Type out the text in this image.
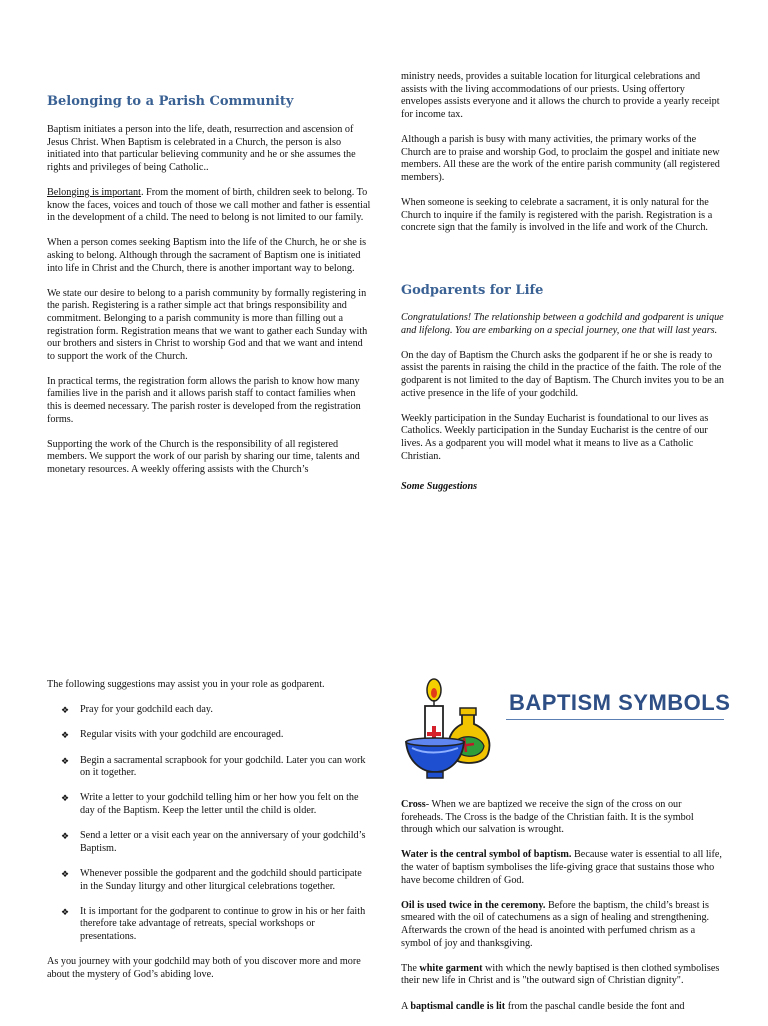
Belonging to a Parish Community

Baptism initiates a person into the life, death, resurrection and ascension of Jesus Christ. When Baptism is celebrated in a Church, the person is also initiated into that particular believing community and he or she assumes the rights and privileges of being Catholic..

Belonging is important. From the moment of birth, children seek to belong. To know the faces, voices and touch of those we call mother and father is essential in the development of a child. The need to belong is not limited to our family.

When a person comes seeking Baptism into the life of the Church, he or she is asking to belong. Although through the sacrament of Baptism one is initiated into life in Christ and the Church, there is another important way to belong.

We state our desire to belong to a parish community by formally registering in the parish. Registering is a rather simple act that brings responsibility and commitment. Belonging to a parish community is more than filling out a registration form. Registration means that we want to gather each Sunday with our brothers and sisters in Christ to worship God and that we want and intend to support the work of the Church.

In practical terms, the registration form allows the parish to know how many families live in the parish and it allows parish staff to contact families when this is deemed necessary. The parish roster is developed from the registration forms.

Supporting the work of the Church is the responsibility of all registered members. We support the work of our parish by sharing our time, talents and monetary resources. A weekly offering assists with the Church’s

ministry needs, provides a suitable location for liturgical celebrations and assists with the living accommodations of our priests. Using offertory envelopes assists everyone and it allows the church to provide a yearly receipt for income tax.

Although a parish is busy with many activities, the primary works of the Church are to praise and worship God, to proclaim the gospel and initiate new members. All these are the work of the entire parish community (all registered members).

When someone is seeking to celebrate a sacrament, it is only natural for the Church to inquire if the family is registered with the parish. Registration is a concrete sign that the family is involved in the life and work of the Church.

Godparents for Life

Congratulations! The relationship between a godchild and godparent is unique and lifelong. You are embarking on a special journey, one that will last years.

On the day of Baptism the Church asks the godparent if he or she is ready to assist the parents in raising the child in the practice of the faith. The role of the godparent is not limited to the day of Baptism. The Church invites you to be an active presence in the life of your godchild.

Weekly participation in the Sunday Eucharist is foundational to our lives as Catholics. Weekly participation in the Sunday Eucharist is the centre of our lives. As a godparent you will model what it means to live as a Catholic Christian.

Some Suggestions

The following suggestions may assist you in your role as godparent.

❖ Pray for your godchild each day.
❖ Regular visits with your godchild are encouraged.
❖ Begin a sacramental scrapbook for your godchild. Later you can work on it together.
❖ Write a letter to your godchild telling him or her how you felt on the day of the Baptism. Keep the letter until the child is older.
❖ Send a letter or a visit each year on the anniversary of your godchild’s Baptism.
❖ Whenever possible the godparent and the godchild should participate in the Sunday liturgy and other liturgical celebrations together.
❖ It is important for the godparent to continue to grow in his or her faith therefore take advantage of retreats, special workshops or presentations.

As you journey with your godchild may both of you discover more and more about the mystery of God’s abiding love.

BAPTISM SYMBOLS

Cross- When we are baptized we receive the sign of the cross on our foreheads. The Cross is the badge of the Christian faith. It is the symbol through which our salvation is wrought.

Water is the central symbol of baptism. Because water is essential to all life, the water of baptism symbolises the life-giving grace that sustains those who have become children of God.

Oil is used twice in the ceremony. Before the baptism, the child’s breast is smeared with the oil of catechumens as a sign of healing and strengthening. Afterwards the crown of the head is anointed with perfumed chrism as a symbol of joy and thanksgiving.

The white garment with which the newly baptised is then clothed symbolises their new life in Christ and is "the outward sign of Christian dignity".

A baptismal candle is lit from the paschal candle beside the font and
